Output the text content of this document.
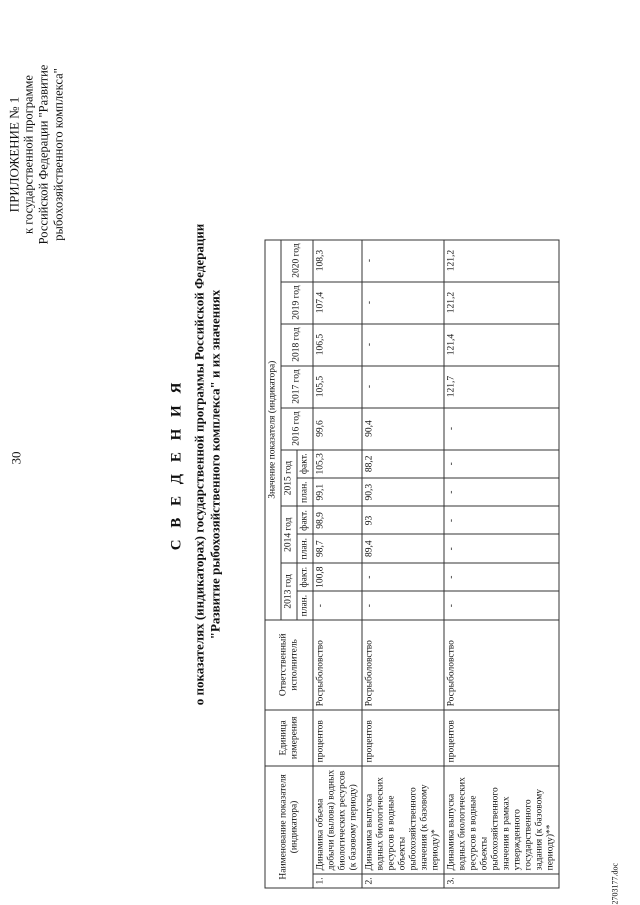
30
ПРИЛОЖЕНИЕ № 1 к государственной программе Российской Федерации "Развитие рыбохозяйственного комплекса"
С В Е Д Е Н И Я о показателях (индикаторах) государственной программы Российской Федерации "Развитие рыбохозяйственного комплекса" и их значениях
Наименование показателя (индикатора)		Единица измерения	Ответственный исполнитель	Значение показателя (индикатора)										
				2013 год		2014 год		2015 год		2016 год	2017 год	2018 год	2019 год	2020 год
				план.	факт.	план.	факт.	план.	факт.					
1.	Динамика объема добычи (вылова) водных биологических ресурсов (к базовому периоду)	процентов	Росрыболовство	-	100,8	98,7	98,9	99,1	105,3	99,6	105,5	106,5	107,4	108,3
2.	Динамика выпуска водных биологических ресурсов в водные объекты рыбохозяйственного значения (к базовому периоду)*	процентов	Росрыболовство	-	-	89,4	93	90,3	88,2	90,4	-	-	-	-
3.	Динамика выпуска водных биологических ресурсов в водные объекты рыбохозяйственного значения в рамках утвержденного государственного задания (к базовому периоду)**	процентов	Росрыболовство	-	-	-	-	-	-	-	121,7	121,4	121,2	121,2
2703177.doc
